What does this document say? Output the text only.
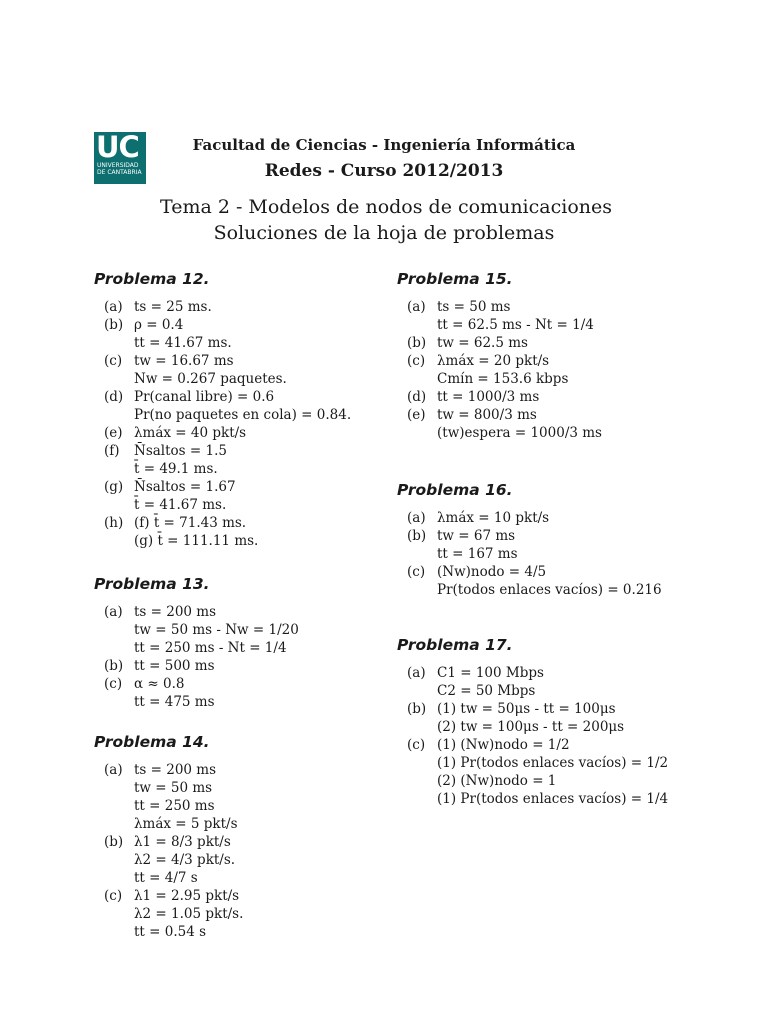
UC
UNIVERSIDAD
DE CANTABRIA
Facultad de Ciencias - Ingeniería Informática
Redes - Curso 2012/2013
Tema 2 - Modelos de nodos de comunicaciones
Soluciones de la hoja de problemas
Problema 12.
(a) ts = 25 ms.
(b) ρ = 0.4
tt = 41.67 ms.
(c) tw = 16.67 ms
Nw = 0.267 paquetes.
(d) Pr(canal libre) = 0.6
Pr(no paquetes en cola) = 0.84.
(e) λmáx = 40 pkt/s
(f)	N̄saltos = 1.5
t̄ = 49.1 ms.
(g) N̄saltos = 1.67
t̄ = 41.67 ms.
(h) (f) t̄ = 71.43 ms.
(g) t̄ = 111.11 ms.
Problema 13.
(a) ts = 200 ms
tw = 50 ms - Nw = 1/20
tt = 250 ms - Nt = 1/4
(b) tt = 500 ms
(c) α ≈ 0.8
tt = 475 ms
Problema 14.
(a) ts = 200 ms
tw = 50 ms
tt = 250 ms
λmáx = 5 pkt/s
(b) λ1 = 8/3 pkt/s
λ2 = 4/3 pkt/s.
tt = 4/7 s
(c) λ1 = 2.95 pkt/s
λ2 = 1.05 pkt/s.
tt = 0.54 s
Problema 15.
(a) ts = 50 ms
tt = 62.5 ms - Nt = 1/4
(b) tw = 62.5 ms
(c) λmáx = 20 pkt/s
Cmín = 153.6 kbps
(d) tt = 1000/3 ms
(e) tw = 800/3 ms
(tw)espera = 1000/3 ms
Problema 16.
(a) λmáx = 10 pkt/s
(b) tw = 67 ms
tt = 167 ms
(c) (Nw)nodo = 4/5
Pr(todos enlaces vacíos) = 0.216
Problema 17.
(a) C1 = 100 Mbps
C2 = 50 Mbps
(b) (1) tw = 50μs - tt = 100μs
(2) tw = 100μs - tt = 200μs
(c) (1) (Nw)nodo = 1/2
(1) Pr(todos enlaces vacíos) = 1/2
(2) (Nw)nodo = 1
(1) Pr(todos enlaces vacíos) = 1/4
